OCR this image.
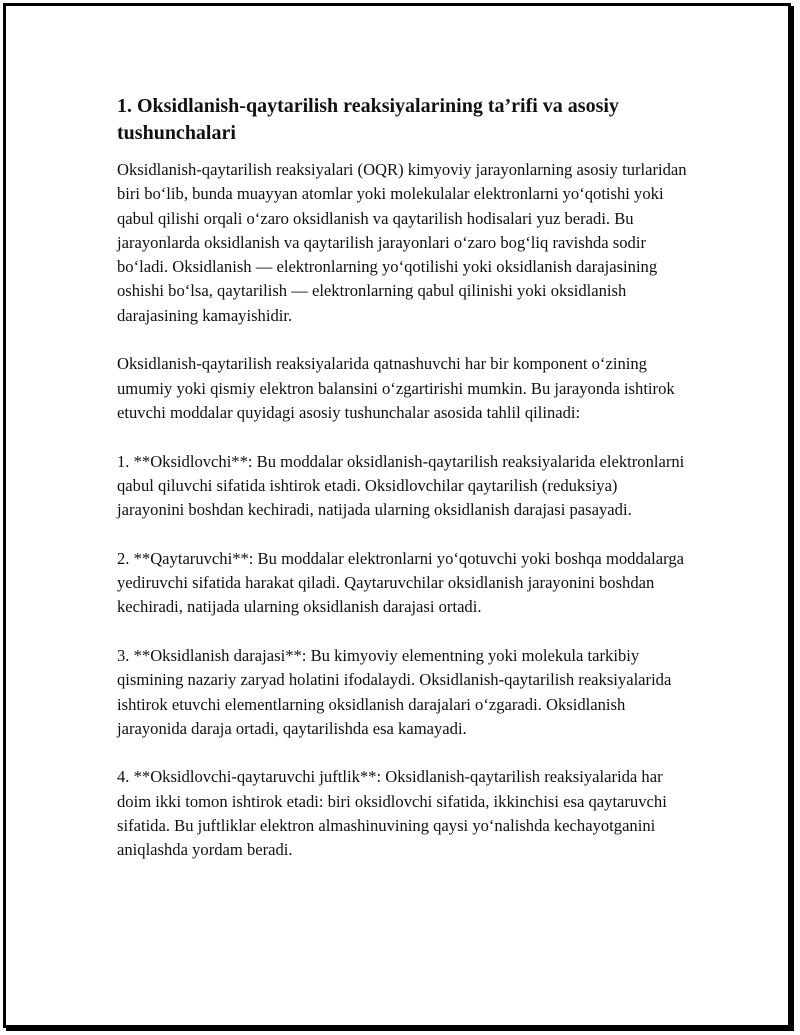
1. Oksidlanish-qaytarilish reaksiyalarining ta’rifi va asosiy tushunchalari

Oksidlanish-qaytarilish reaksiyalari (OQR) kimyoviy jarayonlarning asosiy turlaridan biri boʻlib, bunda muayyan atomlar yoki molekulalar elektronlarni yoʻqotishi yoki qabul qilishi orqali oʻzaro oksidlanish va qaytarilish hodisalari yuz beradi. Bu jarayonlarda oksidlanish va qaytarilish jarayonlari oʻzaro bogʻliq ravishda sodir boʻladi. Oksidlanish — elektronlarning yoʻqotilishi yoki oksidlanish darajasining oshishi boʻlsa, qaytarilish — elektronlarning qabul qilinishi yoki oksidlanish darajasining kamayishidir.

Oksidlanish-qaytarilish reaksiyalarida qatnashuvchi har bir komponent oʻzining umumiy yoki qismiy elektron balansini oʻzgartirishi mumkin. Bu jarayonda ishtirok etuvchi moddalar quyidagi asosiy tushunchalar asosida tahlil qilinadi:

1. **Oksidlovchi**: Bu moddalar oksidlanish-qaytarilish reaksiyalarida elektronlarni qabul qiluvchi sifatida ishtirok etadi. Oksidlovchilar qaytarilish (reduksiya) jarayonini boshdan kechiradi, natijada ularning oksidlanish darajasi pasayadi.

2. **Qaytaruvchi**: Bu moddalar elektronlarni yoʻqotuvchi yoki boshqa moddalarga yediruvchi sifatida harakat qiladi. Qaytaruvchilar oksidlanish jarayonini boshdan kechiradi, natijada ularning oksidlanish darajasi ortadi.

3. **Oksidlanish darajasi**: Bu kimyoviy elementning yoki molekula tarkibiy qismining nazariy zaryad holatini ifodalaydi. Oksidlanish-qaytarilish reaksiyalarida ishtirok etuvchi elementlarning oksidlanish darajalari oʻzgaradi. Oksidlanish jarayonida daraja ortadi, qaytarilishda esa kamayadi.

4. **Oksidlovchi-qaytaruvchi juftlik**: Oksidlanish-qaytarilish reaksiyalarida har doim ikki tomon ishtirok etadi: biri oksidlovchi sifatida, ikkinchisi esa qaytaruvchi sifatida. Bu juftliklar elektron almashinuvining qaysi yoʻnalishda kechayotganini aniqlashda yordam beradi.
